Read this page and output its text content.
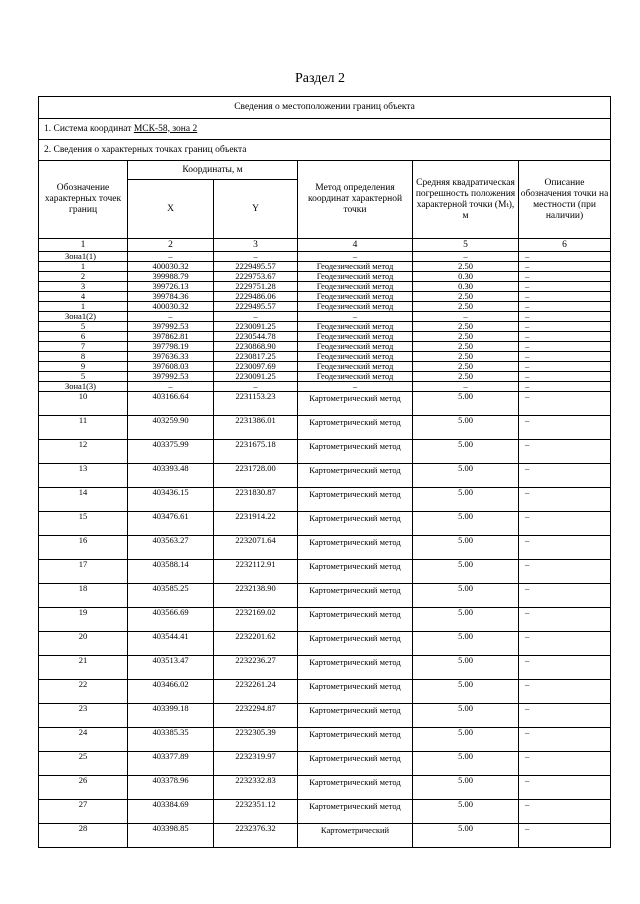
Раздел 2
Сведения о местоположении границ объекта					
1. Система координат МСК-58, зона 2					
2. Сведения о характерных точках границ объекта					
Обозначение характерных точек границ	Координаты, м		Метод определения координат характерной точки	Средняя квадратическая погрешность положения характерной точки (Mₜ), м	Описание обозначения точки на местности (при наличии)
	X	Y			
1	2	3	4	5	6
Зона1(1)	–	–	–	–	–
1	400030.32	2229495.57	Геодезический метод	2.50	–
2	399988.79	2229753.67	Геодезический метод	0.30	–
3	399726.13	2229751.28	Геодезический метод	0.30	–
4	399784.36	2229486.06	Геодезический метод	2.50	–
1	400030.32	2229495.57	Геодезический метод	2.50	–
Зона1(2)	–	–	–	–	–
5	397992.53	2230091.25	Геодезический метод	2.50	–
6	397862.81	2230544.78	Геодезический метод	2.50	–
7	397798.19	2230868.90	Геодезический метод	2.50	–
8	397636.33	2230817.25	Геодезический метод	2.50	–
9	397608.03	2230097.69	Геодезический метод	2.50	–
5	397992.53	2230091.25	Геодезический метод	2.50	–
Зона1(3)	–	–	–	–	–
10	403166.64	2231153.23	Картометрический метод	5.00	–
11	403259.90	2231386.01	Картометрический метод	5.00	–
12	403375.99	2231675.18	Картометрический метод	5.00	–
13	403393.48	2231728.00	Картометрический метод	5.00	–
14	403436.15	2231830.87	Картометрический метод	5.00	–
15	403476.61	2231914.22	Картометрический метод	5.00	–
16	403563.27	2232071.64	Картометрический метод	5.00	–
17	403588.14	2232112.91	Картометрический метод	5.00	–
18	403585.25	2232138.90	Картометрический метод	5.00	–
19	403566.69	2232169.02	Картометрический метод	5.00	–
20	403544.41	2232201.62	Картометрический метод	5.00	–
21	403513.47	2232236.27	Картометрический метод	5.00	–
22	403466.02	2232261.24	Картометрический метод	5.00	–
23	403399.18	2232294.87	Картометрический метод	5.00	–
24	403385.35	2232305.39	Картометрический метод	5.00	–
25	403377.89	2232319.97	Картометрический метод	5.00	–
26	403378.96	2232332.83	Картометрический метод	5.00	–
27	403384.69	2232351.12	Картометрический метод	5.00	–
28	403398.85	2232376.32	Картометрический	5.00	–
